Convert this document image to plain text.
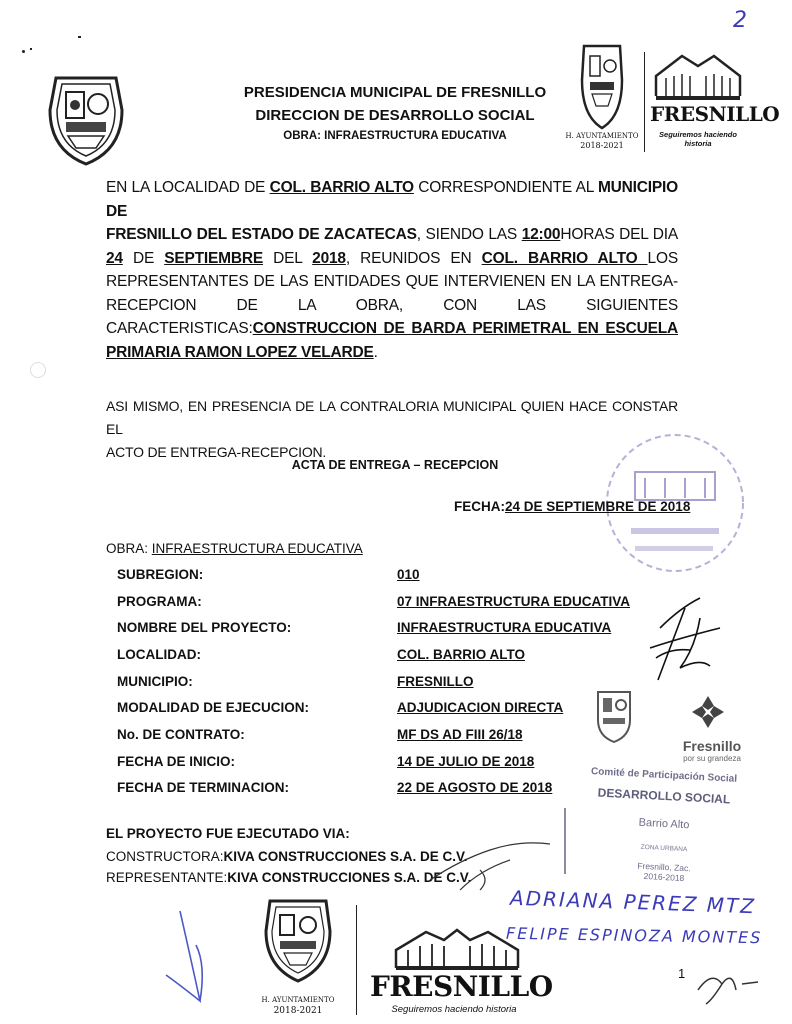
2
PRESIDENCIA MUNICIPAL DE FRESNILLO
DIRECCION DE DESARROLLO SOCIAL
OBRA: INFRAESTRUCTURA EDUCATIVA	H. AYUNTAMIENTO
2018-2021
FRESNILLO
Seguiremos haciendo historia
EN LA LOCALIDAD DE COL. BARRIO ALTO CORRESPONDIENTE AL MUNICIPIO DE
FRESNILLO DEL ESTADO DE ZACATECAS, SIENDO LAS 12:00HORAS DEL DIA
24 DE SEPTIEMBRE DEL 2018, REUNIDOS EN COL. BARRIO ALTO LOS
REPRESENTANTES DE LAS ENTIDADES QUE INTERVIENEN EN LA ENTREGA-
RECEPCION DE LA OBRA, CON LAS SIGUIENTES
CARACTERISTICAS:CONSTRUCCION DE BARDA PERIMETRAL EN ESCUELA
PRIMARIA RAMON LOPEZ VELARDE.
ASI MISMO, EN PRESENCIA DE LA CONTRALORIA MUNICIPAL QUIEN HACE CONSTAR EL
ACTO DE ENTREGA-RECEPCION.
ACTA DE ENTREGA – RECEPCION
FECHA:24 DE SEPTIEMBRE DE 2018
OBRA: INFRAESTRUCTURA EDUCATIVA
SUBREGION:	010
PROGRAMA:	07 INFRAESTRUCTURA EDUCATIVA
NOMBRE DEL PROYECTO:	INFRAESTRUCTURA EDUCATIVA
LOCALIDAD:	COL. BARRIO ALTO
MUNICIPIO:	FRESNILLO
MODALIDAD DE EJECUCION:	ADJUDICACION DIRECTA
No. DE CONTRATO:	MF DS AD FIII 26/18
FECHA DE INICIO:	14 DE JULIO DE 2018
FECHA DE TERMINACION:	22 DE AGOSTO DE 2018
Fresnillo
por su grandeza
Comité de Participación Social
DESARROLLO SOCIAL
Barrio Alto
ZONA URBANA
Fresnillo, Zac.
2016-2018
EL PROYECTO FUE EJECUTADO VIA:
CONSTRUCTORA:KIVA CONSTRUCCIONES S.A. DE C.V.
REPRESENTANTE:KIVA CONSTRUCCIONES S.A. DE C.V.
ADRIANA PEREZ MTZ
FELIPE ESPINOZA MONTES
H. AYUNTAMIENTO
2018-2021
FRESNILLO
Seguiremos haciendo historia
1
